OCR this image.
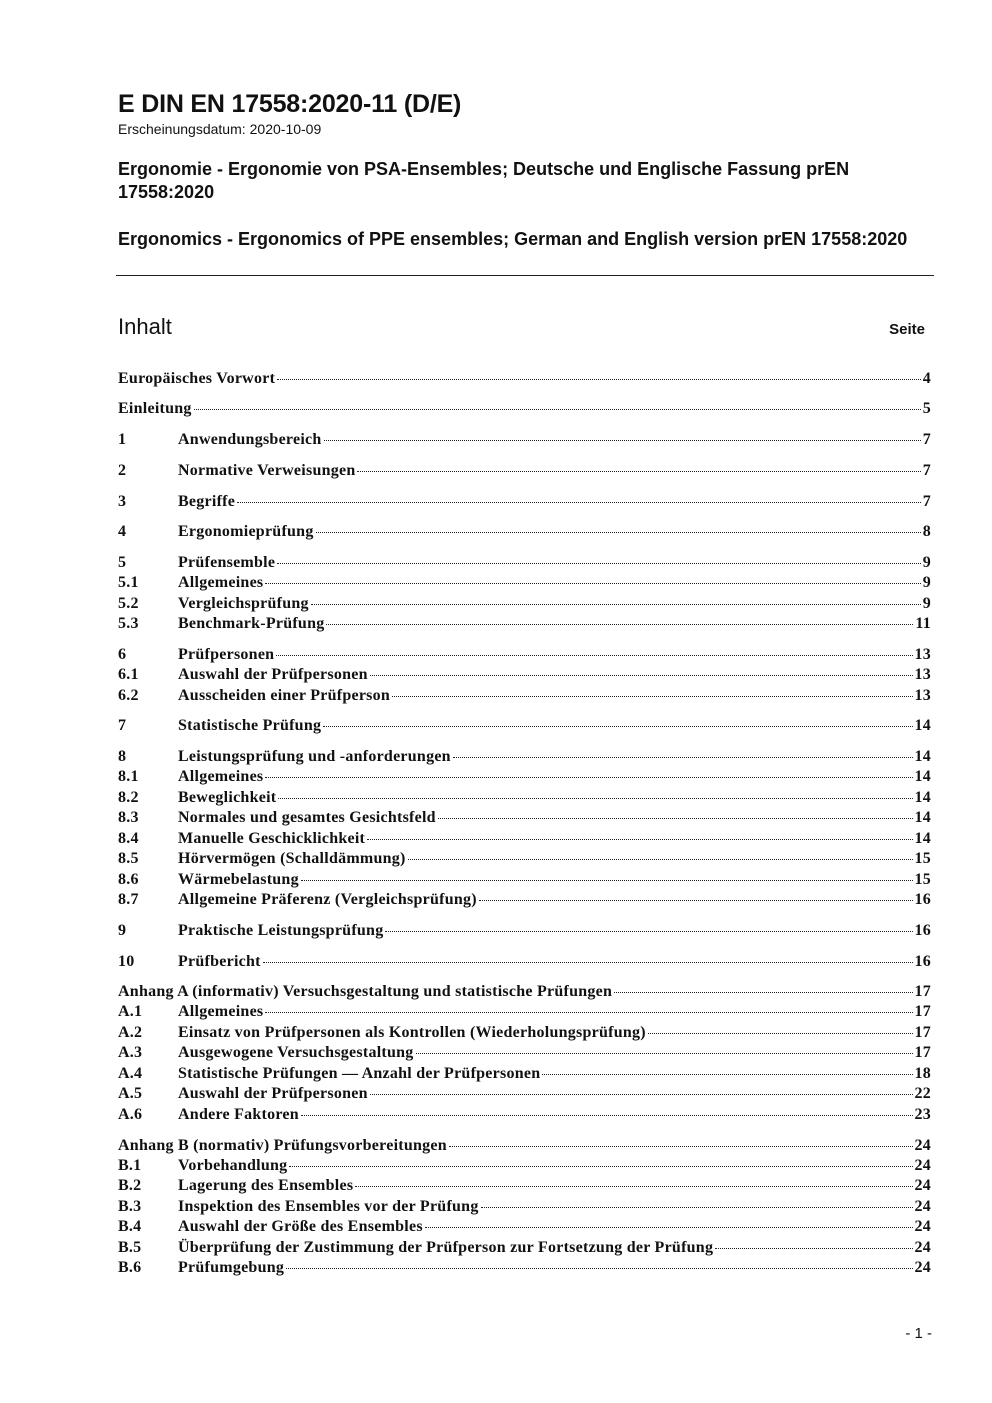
E DIN EN 17558:2020-11 (D/E)
Erscheinungsdatum: 2020-10-09
Ergonomie - Ergonomie von PSA-Ensembles; Deutsche und Englische Fassung prEN 17558:2020
Ergonomics - Ergonomics of PPE ensembles; German and English version prEN 17558:2020
Inhalt	Seite
Europäisches Vorwort	4
Einleitung	5
1	Anwendungsbereich	7
2	Normative Verweisungen	7
3	Begriffe	7
4	Ergonomieprüfung	8
5	Prüfensemble	9
5.1	Allgemeines	9
5.2	Vergleichsprüfung	9
5.3	Benchmark-Prüfung	11
6	Prüfpersonen	13
6.1	Auswahl der Prüfpersonen	13
6.2	Ausscheiden einer Prüfperson	13
7	Statistische Prüfung	14
8	Leistungsprüfung und -anforderungen	14
8.1	Allgemeines	14
8.2	Beweglichkeit	14
8.3	Normales und gesamtes Gesichtsfeld	14
8.4	Manuelle Geschicklichkeit	14
8.5	Hörvermögen (Schalldämmung)	15
8.6	Wärmebelastung	15
8.7	Allgemeine Präferenz (Vergleichsprüfung)	16
9	Praktische Leistungsprüfung	16
10	Prüfbericht	16
Anhang A (informativ) Versuchsgestaltung und statistische Prüfungen	17
A.1	Allgemeines	17
A.2	Einsatz von Prüfpersonen als Kontrollen (Wiederholungsprüfung)	17
A.3	Ausgewogene Versuchsgestaltung	17
A.4	Statistische Prüfungen — Anzahl der Prüfpersonen	18
A.5	Auswahl der Prüfpersonen	22
A.6	Andere Faktoren	23
Anhang B (normativ) Prüfungsvorbereitungen	24
B.1	Vorbehandlung	24
B.2	Lagerung des Ensembles	24
B.3	Inspektion des Ensembles vor der Prüfung	24
B.4	Auswahl der Größe des Ensembles	24
B.5	Überprüfung der Zustimmung der Prüfperson zur Fortsetzung der Prüfung	24
B.6	Prüfumgebung	24
- 1 -
